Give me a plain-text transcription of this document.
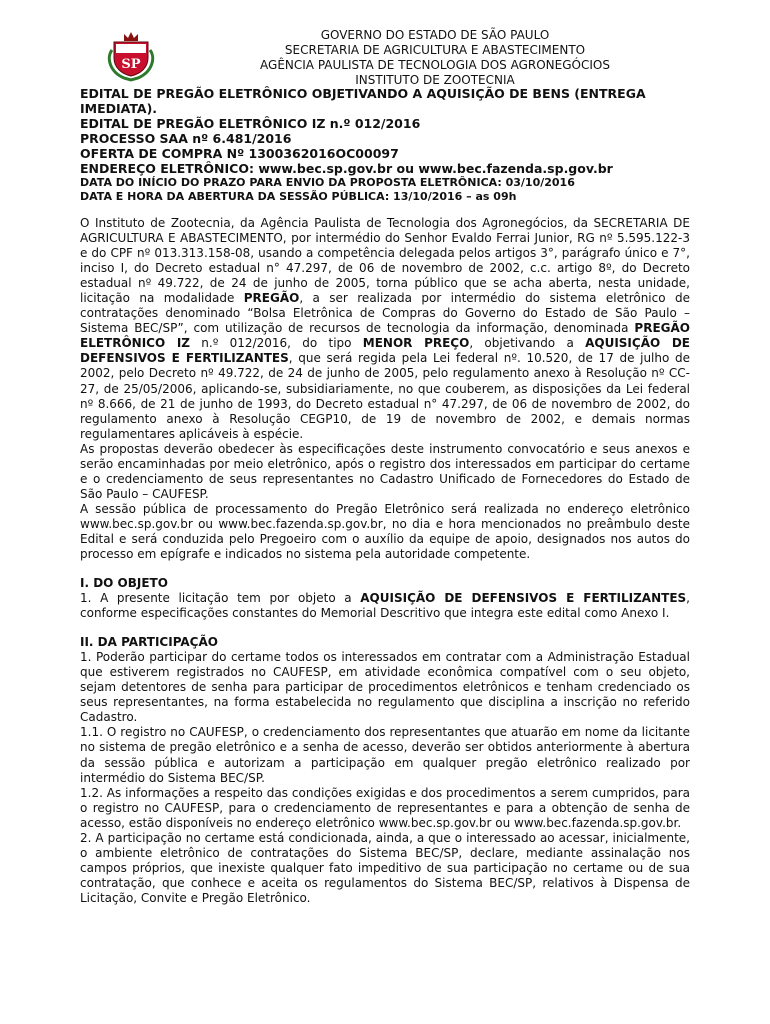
SP
GOVERNO DO ESTADO DE SÃO PAULO
SECRETARIA DE AGRICULTURA E ABASTECIMENTO
AGÊNCIA PAULISTA DE TECNOLOGIA DOS AGRONEGÓCIOS
INSTITUTO DE ZOOTECNIA
EDITAL DE PREGÃO ELETRÔNICO OBJETIVANDO A AQUISIÇÃO DE BENS (ENTREGA IMEDIATA).
EDITAL DE PREGÃO ELETRÔNICO IZ n.º 012/2016
PROCESSO SAA nº 6.481/2016
OFERTA DE COMPRA Nº 1300362016OC00097
ENDEREÇO ELETRÔNICO: www.bec.sp.gov.br ou www.bec.fazenda.sp.gov.br
DATA DO INÍCIO DO PRAZO PARA ENVIO DA PROPOSTA ELETRÔNICA: 03/10/2016
DATA E HORA DA ABERTURA DA SESSÃO PÚBLICA: 13/10/2016 – as 09h

O Instituto de Zootecnia, da Agência Paulista de Tecnologia dos Agronegócios, da SECRETARIA DE AGRICULTURA E ABASTECIMENTO, por intermédio do Senhor Evaldo Ferrai Junior, RG nº 5.595.122-3 e do CPF nº 013.313.158-08, usando a competência delegada pelos artigos 3°, parágrafo único e 7°, inciso I, do Decreto estadual n° 47.297, de 06 de novembro de 2002, c.c. artigo 8º, do Decreto estadual nº 49.722, de 24 de junho de 2005, torna público que se acha aberta, nesta unidade, licitação na modalidade PREGÃO, a ser realizada por intermédio do sistema eletrônico de contratações denominado “Bolsa Eletrônica de Compras do Governo do Estado de São Paulo – Sistema BEC/SP”, com utilização de recursos de tecnologia da informação, denominada PREGÃO ELETRÔNICO IZ n.º 012/2016, do tipo MENOR PREÇO, objetivando a AQUISIÇÃO DE DEFENSIVOS E FERTILIZANTES, que será regida pela Lei federal nº. 10.520, de 17 de julho de 2002, pelo Decreto nº 49.722, de 24 de junho de 2005, pelo regulamento anexo à Resolução nº CC-27, de 25/05/2006, aplicando-se, subsidiariamente, no que couberem, as disposições da Lei federal nº 8.666, de 21 de junho de 1993, do Decreto estadual n° 47.297, de 06 de novembro de 2002, do regulamento anexo à Resolução CEGP10, de 19 de novembro de 2002, e demais normas regulamentares aplicáveis à espécie.

As propostas deverão obedecer às especificações deste instrumento convocatório e seus anexos e serão encaminhadas por meio eletrônico, após o registro dos interessados em participar do certame e o credenciamento de seus representantes no Cadastro Unificado de Fornecedores do Estado de São Paulo – CAUFESP.

A sessão pública de processamento do Pregão Eletrônico será realizada no endereço eletrônico www.bec.sp.gov.br ou www.bec.fazenda.sp.gov.br, no dia e hora mencionados no preâmbulo deste Edital e será conduzida pelo Pregoeiro com o auxílio da equipe de apoio, designados nos autos do processo em epígrafe e indicados no sistema pela autoridade competente.

I. DO OBJETO

1. A presente licitação tem por objeto a AQUISIÇÃO DE DEFENSIVOS E FERTILIZANTES, conforme especificações constantes do Memorial Descritivo que integra este edital como Anexo I.

II. DA PARTICIPAÇÃO

1. Poderão participar do certame todos os interessados em contratar com a Administração Estadual que estiverem registrados no CAUFESP, em atividade econômica compatível com o seu objeto, sejam detentores de senha para participar de procedimentos eletrônicos e tenham credenciado os seus representantes, na forma estabelecida no regulamento que disciplina a inscrição no referido Cadastro.

1.1. O registro no CAUFESP, o credenciamento dos representantes que atuarão em nome da licitante no sistema de pregão eletrônico e a senha de acesso, deverão ser obtidos anteriormente à abertura da sessão pública e autorizam a participação em qualquer pregão eletrônico realizado por intermédio do Sistema BEC/SP.

1.2. As informações a respeito das condições exigidas e dos procedimentos a serem cumpridos, para o registro no CAUFESP, para o credenciamento de representantes e para a obtenção de senha de acesso, estão disponíveis no endereço eletrônico www.bec.sp.gov.br ou www.bec.fazenda.sp.gov.br.

2. A participação no certame está condicionada, ainda, a que o interessado ao acessar, inicialmente, o ambiente eletrônico de contratações do Sistema BEC/SP, declare, mediante assinalação nos campos próprios, que inexiste qualquer fato impeditivo de sua participação no certame ou de sua contratação, que conhece e aceita os regulamentos do Sistema BEC/SP, relativos à Dispensa de Licitação, Convite e Pregão Eletrônico.
